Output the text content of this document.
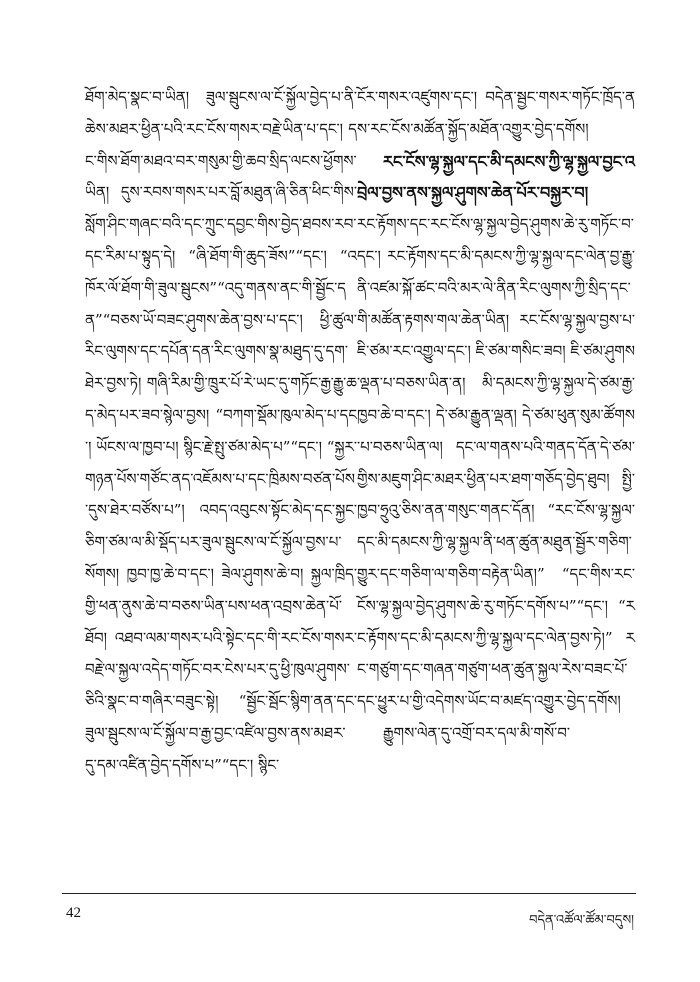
ཐོག་མེད་སྣང་བ་ཡིན། ཟུལ་སྦུངས་ལ་ངོ་སྐྱོལ་བྱེད་པ་ནི་ཆེས་མཐར་ཕྱིན་པའི་རང་ངོས་གསར་བརྗེ་ཡིན་པ་དང་། དང་གིས་ཐོག་མཐའ་བར་གསུམ་གྱི་ཆབ་སྲིད་ལངས་ཕྱོགས་ཡིན། དུས་རབས་གསར་པར་བློ་མཐུན་ཞི་ཅིན་ཕིང་གིས་སློག་ཤིང་གཞང་བའི་དང་ཀྲུང་དབྱང་གིས་བྱེད་ཐབས་རབ་དང་རིམ་པ་སྟུད་དེ། “ཞི་ཐོག་གི་ཆུད་ཟོས”“དང་། “འཁོར་ལོ་ཐོག་གི་ཟུལ་སྦུངས”“འདུ་གནས་ནང་གི་སྦྱོང་དན”“བཅས་ཡོ་བཟང་ཤུགས་ཆེན་བྱས་པ་དང་། ཕྱི་ཚུལ་རིང་ལུགས་དང་དཔོན་དན་རིང་ལུགས་སྣ་མཐུད་དུ་དག་ཐེར་བྱས་ཏེ། གཞི་རིམ་གྱི་ཁྲུར་པོ་རེ་ཡང་དུ་གཏོང་རྒྱ་རྒྱུ་ཆད་མེད་པར་ཟབ་སྙེལ་བྱས། “བཀག་སྡོམ་ཁུལ་མེད་པ་དང་། ཡོངས་ལ་ཁྱབ་པ། སྙིང་རྗེ་སྤུ་ཙམ་མེད་པ”“དང་། “སྐྱར་གཉན་པོས་གཙོང་ནད་འཇོམས་པ་དང་ཁྲིམས་བཙན་པོས་དུས་ཐེར་བཙོས་པ”། འབད་འབུངས་སྟོང་མེད་དང་སྐྱང་ཅིག་ཙམ་ལ་མི་སྡོད་པར་ཟུལ་སྦུངས་ལ་ངོ་སྐྱོལ་བྱས་པ་སོགས། ཁྱབ་ཁྱ་ཆེ་བ་དང་། ཟེལ་ཤུགས་ཆེ་བ། སྐྱལ་ཁྲིད་གྱི་ཕན་ནུས་ཆེ་བ་བཅས་ཡིན་པས་ཕན་འབྲས་ཆེན་པོ་ཐོབ། འཐབ་ལམ་གསར་པའི་སྟེང་དང་གི་རང་ངོས་གསར་བརྗེ་ལ་སྐྱལ་འདེད་གཏོང་བར་ངེས་པར་དུ་ཕྱི་ཁུལ་ཤུགས་ཅིའི་སྣང་བ་གཞིར་བཟུང་སྟེ། “སྦྱོང་སྦོང་སྙིག་ནན་དང་ཟུལ་སྦུངས་ལ་ངོ་སྐྱོལ་བ་རྒྱ་བྱང་འཛིལ་བྱས་ནས་མཐར་དུ་དམ་འཛིན་བྱེད་དགོས་པ”“དང་། སྙིང་

ངོར་གསར་འཛུགས་དང་། བདེན་སྦྱང་གསར་གཏོང་ཁྲོད་ནས་རང་ངོས་མཚོན་སྐྱོད་མཐོན་འགྱུར་བྱེད་དགོས།

རང་ངོས་ལྷ་སྐྱལ་དང་མི་དམངས་ཀྱི་ལྷ་སྐྱལ་བྱང་འབྲེལ་བྱས་ནས་སྐྱལ་ཤུགས་ཆེན་པོར་བསྐྱར་བ།

རང་རྟོགས་དང་རང་ངོས་ལྷ་སྐྱལ་བྱེད་ཤུགས་ཆེ་རུ་གཏོང་བ་དང་། རང་རྟོགས་དང་མི་དམངས་ཀྱི་ལྷ་སྐྱལ་དང་ལེན་བྱ་རྒྱུ་ནི་འཛམ་སྐོ་ཚང་བའི་མར་ལེ་ནིན་རིང་ལུགས་ཀྱི་སྲིད་དང་གི་མཚོན་རྟགས་གལ་ཆེན་ཡིན། རང་ངོས་ལྷ་སྐྱལ་བྱས་པ་ཇི་ཙམ་རང་འགྱུལ་དང་། ཇི་ཙམ་གསིང་ཟབ། ཇི་ཙམ་ཤུགས་ལྡན་པ་བཅས་ཡིན་ན། མི་དམངས་ཀྱི་ལྷ་སྐྱལ་དེ་ཙམ་རྒྱ་ཁྱབ་ཆེ་བ་དང་། དེ་ཙམ་རྒྱུན་ལྡན། དེ་ཙམ་ཕུན་སུམ་ཚོགས་པ་བཅས་ཡིན་ལ། དང་ལ་གནས་པའི་གནད་དོན་དེ་ཙམ་གྱིས་མཇུག་ཤིང་མཐར་ཕྱིན་པར་ཐག་གཅོད་བྱེད་ཐུབ། སྤྱི་ཁྱབ་ཧྲུའུ་ཅིས་ནན་གསུང་གནང་དོན། “རང་ངོས་ལྷ་སྐྱལ་དང་མི་དམངས་ཀྱི་ལྷ་སྐྱལ་ནི་ཕན་ཚུན་མཐུན་སྦྱོར་གཅིག་གྱུར་དང་གཅིག་ལ་གཅིག་བརྟེན་ཡིན།” “དང་གིས་རང་ངོས་ལྷ་སྐྱལ་བྱེད་ཤུགས་ཆེ་རུ་གཏོང་དགོས་པ”“དང་། “རང་རྟོགས་དང་མི་དམངས་ཀྱི་ལྷ་སྐྱལ་དང་ལེན་བྱས་ཏེ།” རང་གཙུག་དང་གཞན་གཙུག་ཕན་ཚུན་སྐྱལ་རེས་བཟང་པོ་དང་ཕྱུར་པ་གྱི་འདེགས་ཡོང་བ་མཛད་འགྱུར་བྱེད་དགོས།

རྒྱུགས་ལེན་དུ་འགྲོ་བར་དལ་མི་གསོ་བ་

42	བདེན་འཚོལ་ཚོམ་བདུས།
